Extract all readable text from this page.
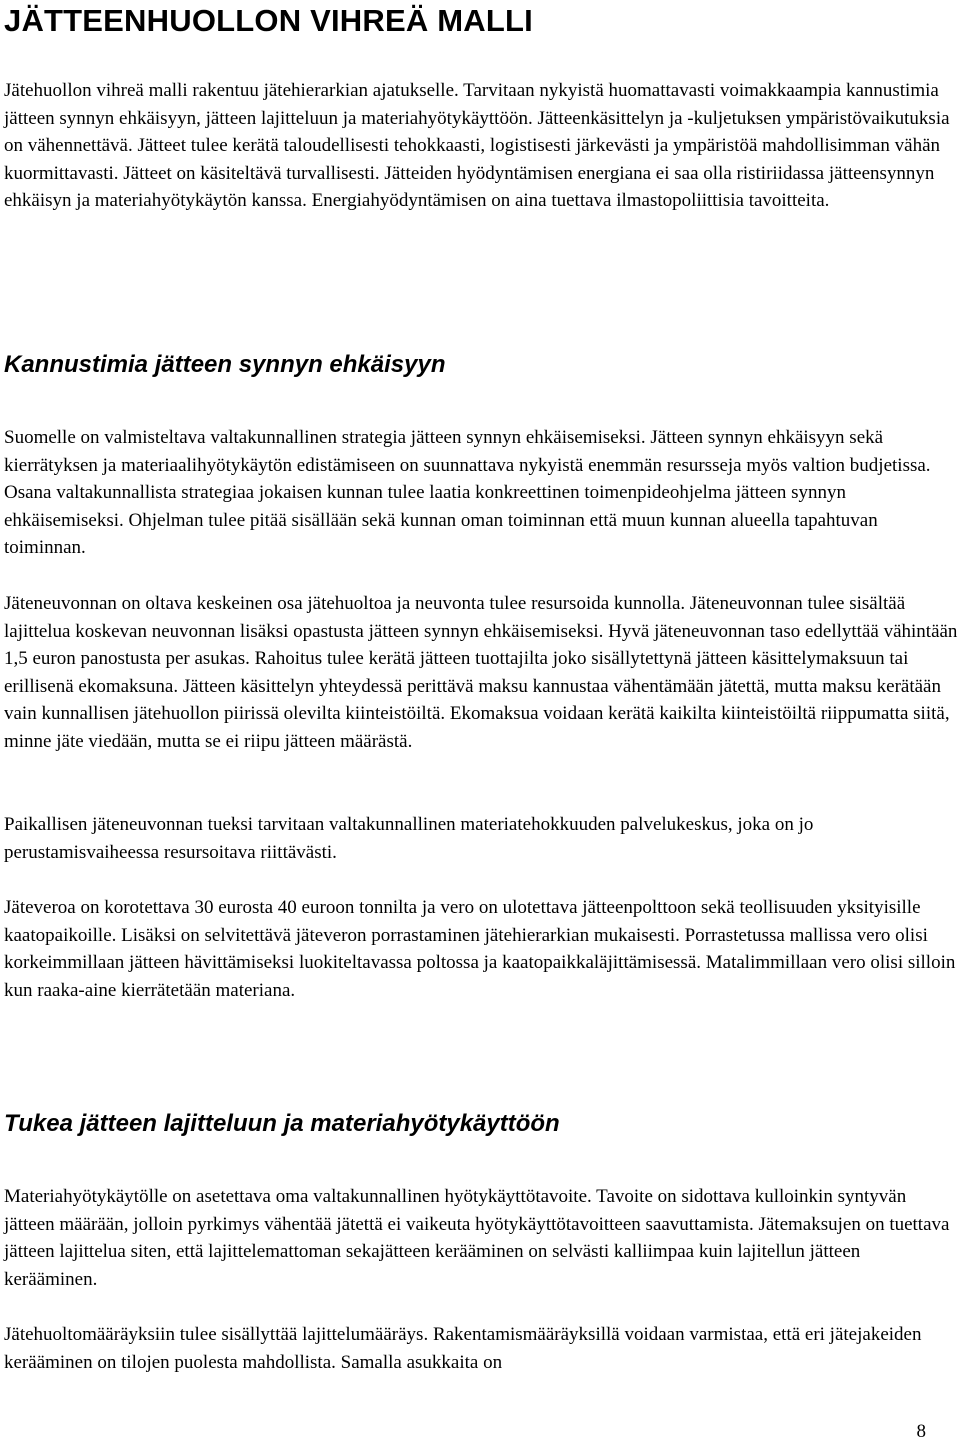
JÄTTEENHUOLLON VIHREÄ MALLI

Jätehuollon vihreä malli rakentuu jätehierarkian ajatukselle. Tarvitaan nykyistä huomattavasti voimakkaampia kannustimia jätteen synnyn ehkäisyyn, jätteen lajitteluun ja materiahyötykäyttöön. Jätteenkäsittelyn ja -kuljetuksen ympäristövaikutuksia on vähennettävä. Jätteet tulee kerätä taloudellisesti tehokkaasti, logistisesti järkevästi ja ympäristöä mahdollisimman vähän kuormittavasti. Jätteet on käsiteltävä turvallisesti. Jätteiden hyödyntämisen energiana ei saa olla ristiriidassa jätteensynnyn ehkäisyn ja materiahyötykäytön kanssa. Energiahyödyntämisen on aina tuettava ilmastopoliittisia tavoitteita.

Kannustimia jätteen synnyn ehkäisyyn

Suomelle on valmisteltava valtakunnallinen strategia jätteen synnyn ehkäisemiseksi. Jätteen synnyn ehkäisyyn sekä kierrätyksen ja materiaalihyötykäytön edistämiseen on suunnattava nykyistä enemmän resursseja myös valtion budjetissa. Osana valtakunnallista strategiaa jokaisen kunnan tulee laatia konkreettinen toimenpideohjelma jätteen synnyn ehkäisemiseksi. Ohjelman tulee pitää sisällään sekä kunnan oman toiminnan että muun kunnan alueella tapahtuvan toiminnan.

Jäteneuvonnan on oltava keskeinen osa jätehuoltoa ja neuvonta tulee resursoida kunnolla. Jäteneuvonnan tulee sisältää lajittelua koskevan neuvonnan lisäksi opastusta jätteen synnyn ehkäisemiseksi. Hyvä jäteneuvonnan taso edellyttää vähintään 1,5 euron panostusta per asukas. Rahoitus tulee kerätä jätteen tuottajilta joko sisällytettynä jätteen käsittelymaksuun tai erillisenä ekomaksuna. Jätteen käsittelyn yhteydessä perittävä maksu kannustaa vähentämään jätettä, mutta maksu kerätään vain kunnallisen jätehuollon piirissä olevilta kiinteistöiltä. Ekomaksua voidaan kerätä kaikilta kiinteistöiltä riippumatta siitä, minne jäte viedään, mutta se ei riipu jätteen määrästä.

Paikallisen jäteneuvonnan tueksi tarvitaan valtakunnallinen materiatehokkuuden palvelukeskus, joka on jo perustamisvaiheessa resursoitava riittävästi.

Jäteveroa on korotettava 30 eurosta 40 euroon tonnilta ja vero on ulotettava jätteenpolttoon sekä teollisuuden yksityisille kaatopaikoille. Lisäksi on selvitettävä jäteveron porrastaminen jätehierarkian mukaisesti. Porrastetussa mallissa vero olisi korkeimmillaan jätteen hävittämiseksi luokiteltavassa poltossa ja kaatopaikkaläjittämisessä. Matalimmillaan vero olisi silloin kun raaka-aine kierrätetään materiana.

Tukea jätteen lajitteluun ja materiahyötykäyttöön

Materiahyötykäytölle on asetettava oma valtakunnallinen hyötykäyttötavoite. Tavoite on sidottava kulloinkin syntyvän jätteen määrään, jolloin pyrkimys vähentää jätettä ei vaikeuta hyötykäyttötavoitteen saavuttamista. Jätemaksujen on tuettava jätteen lajittelua siten, että lajittelemattoman sekajätteen kerääminen on selvästi kalliimpaa kuin lajitellun jätteen kerääminen.

Jätehuoltomääräyksiin tulee sisällyttää lajittelumääräys. Rakentamismääräyksillä voidaan varmistaa, että eri jätejakeiden kerääminen on tilojen puolesta mahdollista. Samalla asukkaita on

8
